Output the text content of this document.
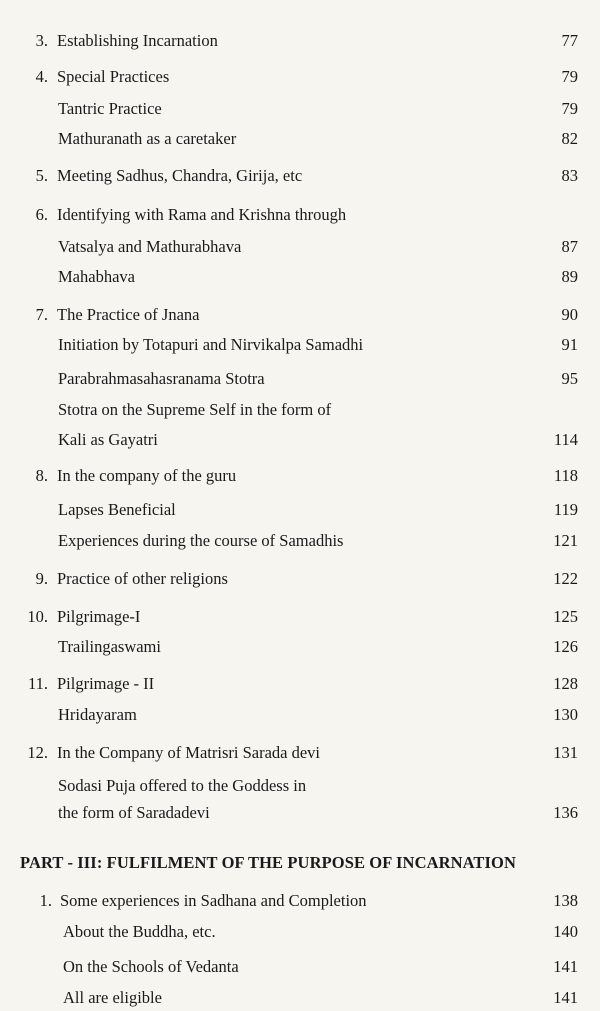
3. Establishing Incarnation	77
4. Special Practices	79
Tantric Practice	79
Mathuranath as a caretaker	82
5. Meeting Sadhus, Chandra, Girija, etc	83
6. Identifying with Rama and Krishna through
Vatsalya and Mathurabhava	87
Mahabhava	89
7. The Practice of Jnana	90
Initiation by Totapuri and Nirvikalpa Samadhi	91
Parabrahmasahasranama Stotra	95
Stotra on the Supreme Self in the form of
Kali as Gayatri	114
8. In the company of the guru	118
Lapses Beneficial	119
Experiences during the course of Samadhis	121
9. Practice of other religions	122
10. Pilgrimage-I	125
Trailingaswami	126
11. Pilgrimage - II	128
Hridayaram	130
12. In the Company of Matrisri Sarada devi	131
Sodasi Puja offered to the Goddess in
the form of Saradadevi	136
PART - III: FULFILMENT OF THE PURPOSE OF INCARNATION
1. Some experiences in Sadhana and Completion	138
About the Buddha, etc.	140
On the Schools of Vedanta	141
All are eligible	141
